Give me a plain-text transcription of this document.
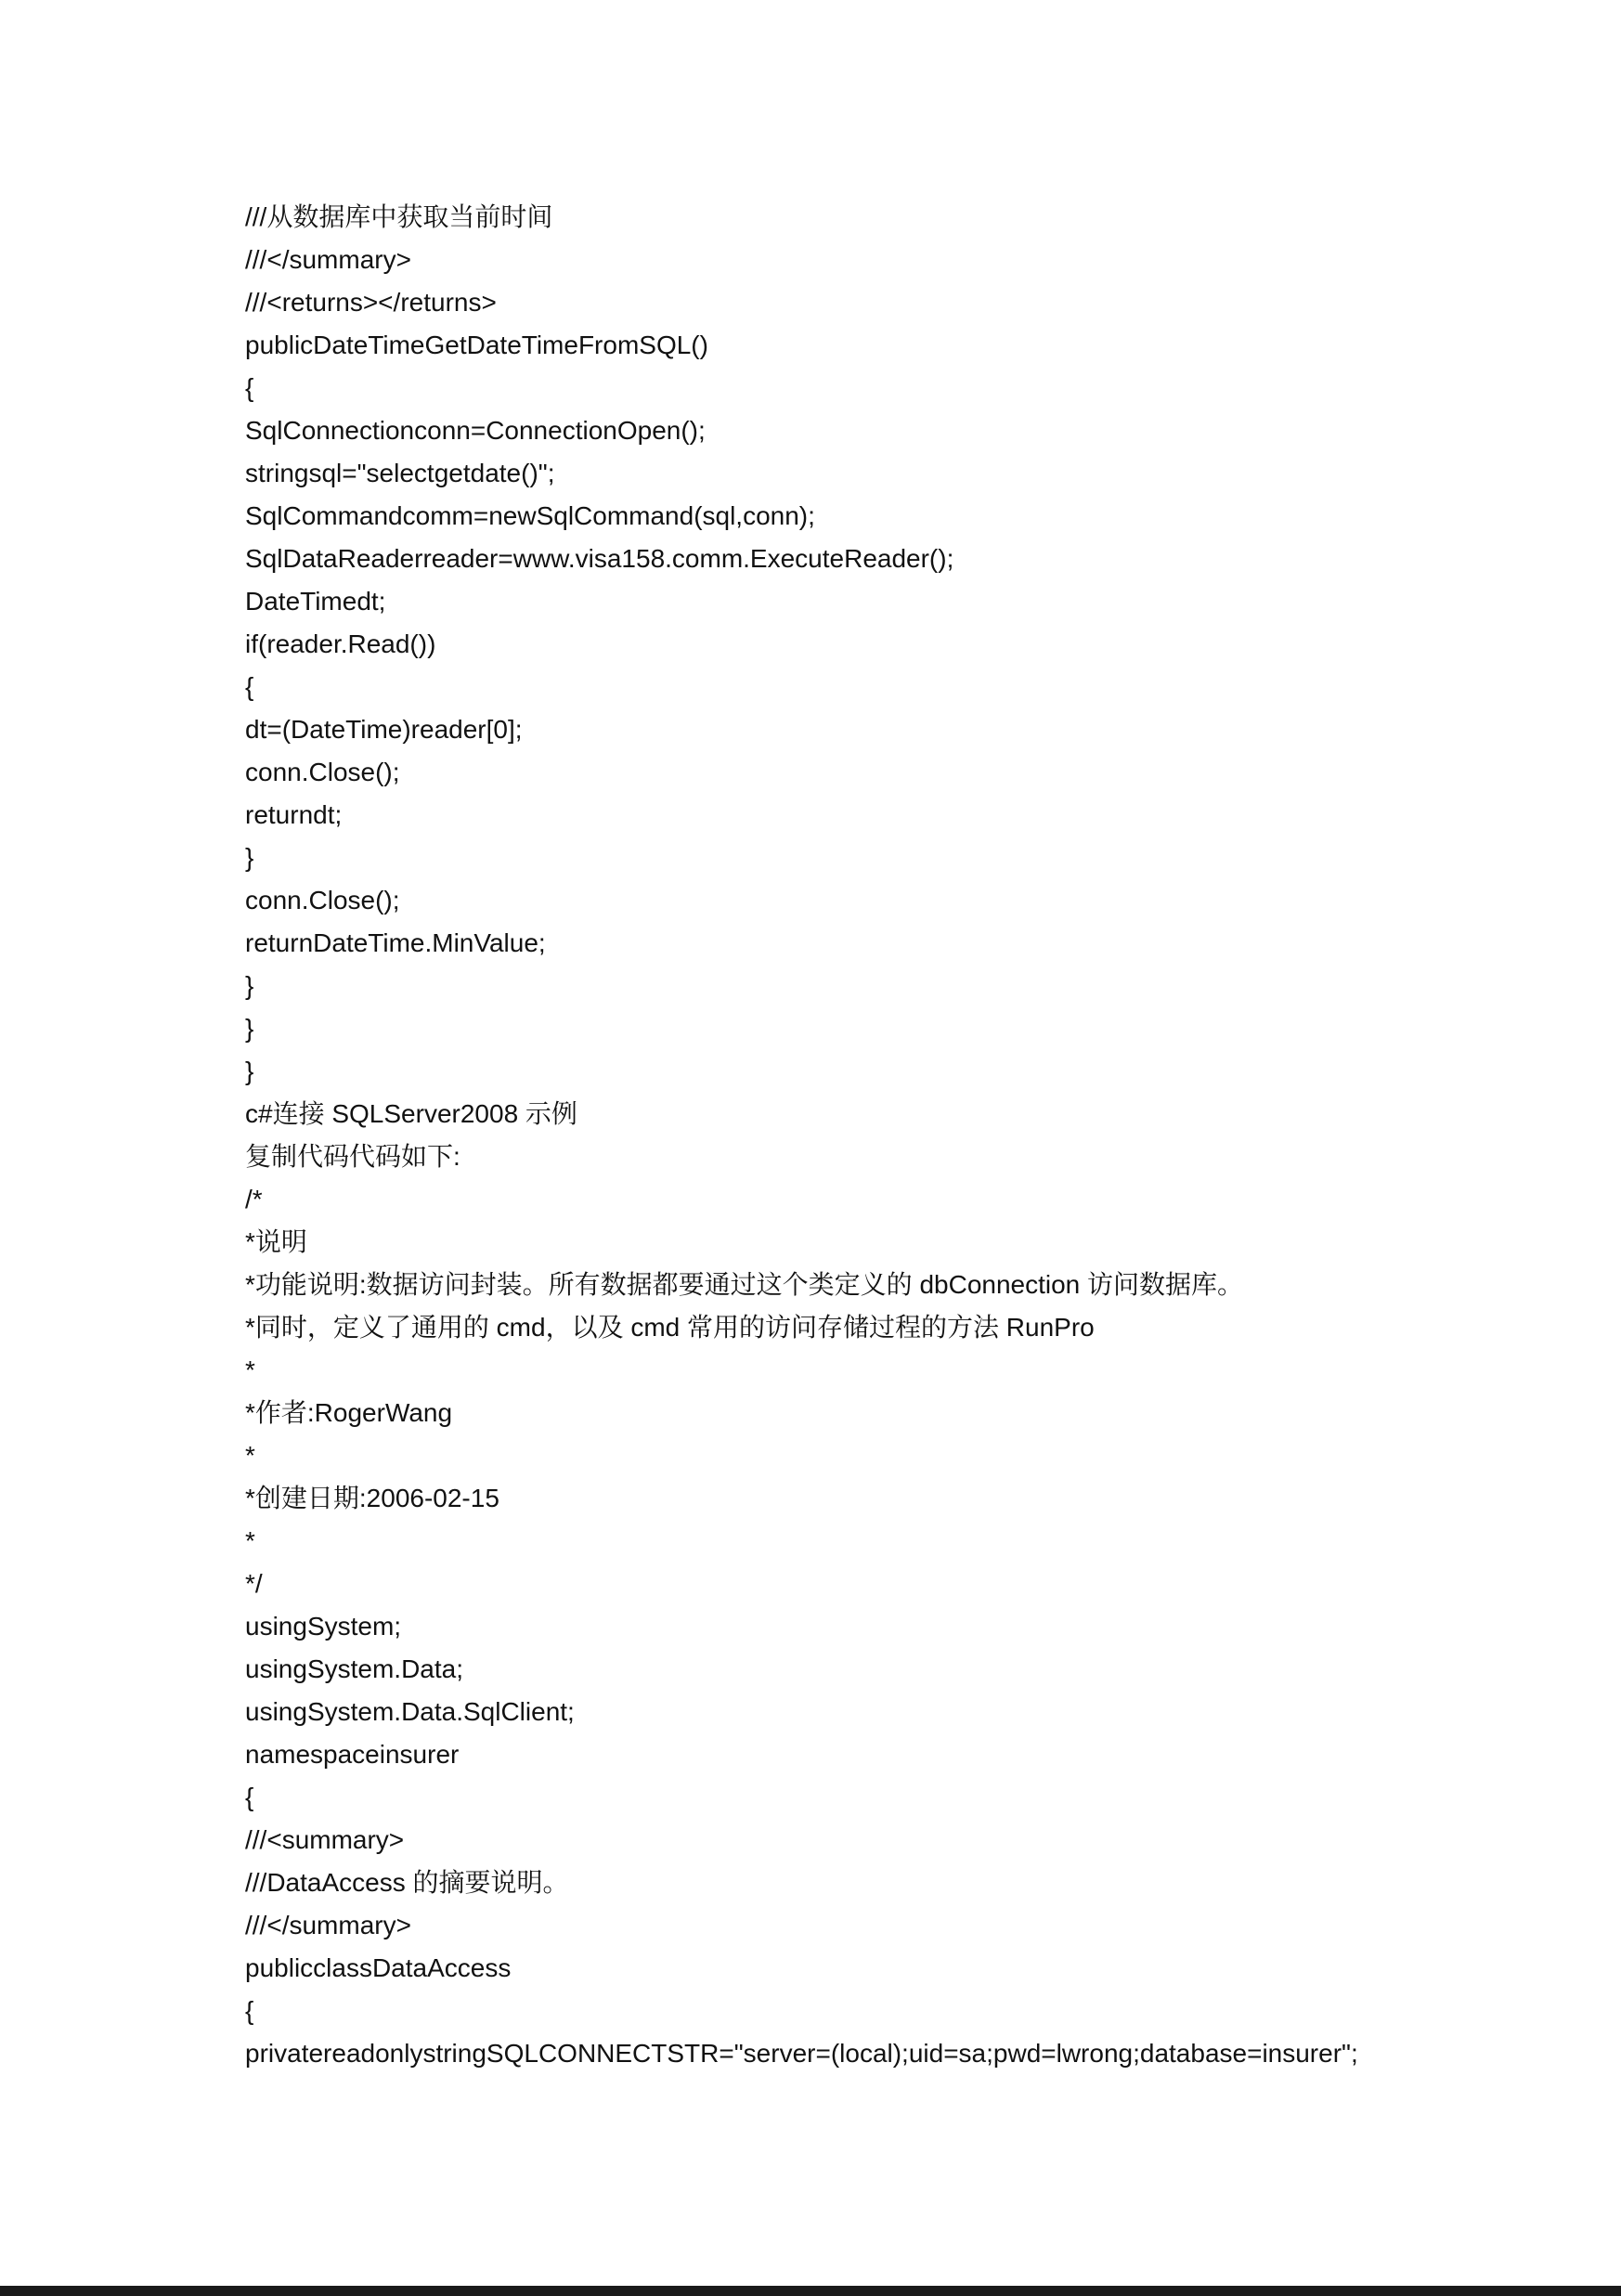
///从数据库中获取当前时间
///</summary>
///<returns></returns>
publicDateTimeGetDateTimeFromSQL()
{
SqlConnectionconn=ConnectionOpen();
stringsql="selectgetdate()";
SqlCommandcomm=newSqlCommand(sql,conn);
SqlDataReaderreader=www.visa158.comm.ExecuteReader();
DateTimedt;
if(reader.Read())
{
dt=(DateTime)reader[0];
conn.Close();
returndt;
}
conn.Close();
returnDateTime.MinValue;
}
}
}
c#连接 SQLServer2008 示例
复制代码代码如下:
/*
*说明
*功能说明:数据访问封装。所有数据都要通过这个类定义的 dbConnection 访问数据库。
*同时，定义了通用的 cmd，以及 cmd 常用的访问存储过程的方法 RunPro
*
*作者:RogerWang
*
*创建日期:2006-02-15
*
*/
usingSystem;
usingSystem.Data;
usingSystem.Data.SqlClient;
namespaceinsurer
{
///<summary>
///DataAccess 的摘要说明。
///</summary>
publicclassDataAccess
{
privatereadonlystringSQLCONNECTSTR="server=(local);uid=sa;pwd=lwrong;database=insurer";
